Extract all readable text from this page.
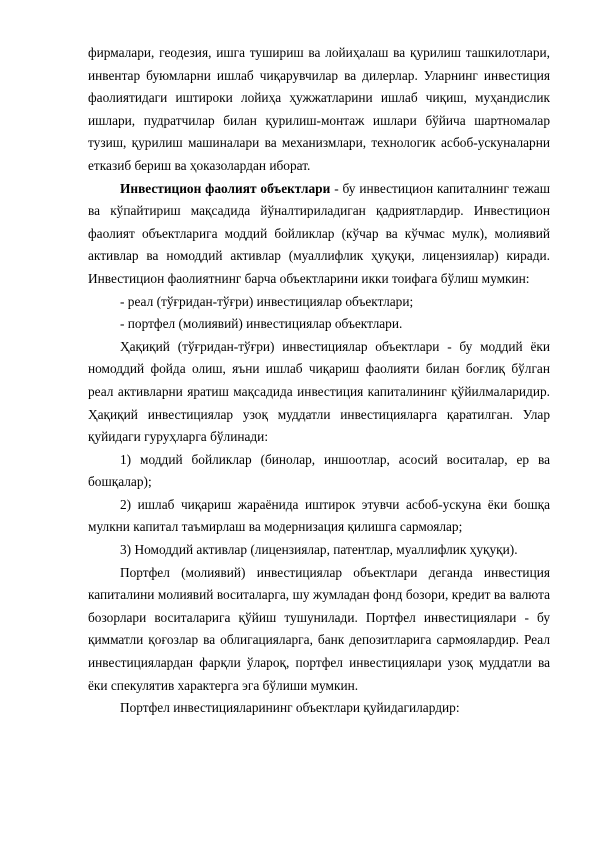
фирмалари, геодезия, ишга тушириш ва лойиҳалаш ва қурилиш ташкилотлари, инвентар буюмларни ишлаб чиқарувчилар ва дилерлар. Уларнинг инвестиция фаолиятидаги иштироки лойиҳа ҳужжатларини ишлаб чиқиш, муҳандислик ишлари, пудратчилар билан қурилиш-монтаж ишлари бўйича шартномалар тузиш, қурилиш машиналари ва механизмлари, технологик асбоб-ускуналарни етказиб бериш ва ҳоказолардан иборат.

Инвестицион фаолият объектлари - бу инвестицион капиталнинг тежаш ва кўпайтириш мақсадида йўналтириладиган қадриятлардир. Инвестицион фаолият объектларига моддий бойликлар (кўчар ва кўчмас мулк), молиявий активлар ва номоддий активлар (муаллифлик ҳуқуқи, лицензиялар) киради. Инвестицион фаолиятнинг барча объектларини икки тоифага бўлиш мумкин:

- реал (тўғридан-тўғри) инвестициялар объектлари;

- портфел (молиявий) инвестициялар объектлари.

Ҳақиқий (тўғридан-тўғри) инвестициялар объектлари - бу моддий ёки номоддий фойда олиш, яъни ишлаб чиқариш фаолияти билан боғлиқ бўлган реал активларни яратиш мақсадида инвестиция капиталининг қўйилмаларидир. Ҳақиқий инвестициялар узоқ муддатли инвестицияларга қаратилган. Улар қуйидаги гуруҳларга бўлинади:

1) моддий бойликлар (бинолар, иншоотлар, асосий воситалар, ер ва бошқалар);

2) ишлаб чиқариш жараёнида иштирок этувчи асбоб-ускуна ёки бошқа мулкни капитал таъмирлаш ва модернизация қилишга сармоялар;

3) Номоддий активлар (лицензиялар, патентлар, муаллифлик ҳуқуқи).

Портфел (молиявий) инвестициялар объектлари деганда инвестиция капиталини молиявий воситаларга, шу жумладан фонд бозори, кредит ва валюта бозорлари воситаларига қўйиш тушунилади. Портфел инвестициялари - бу қимматли қоғозлар ва облигацияларга, банк депозитларига сармоялардир. Реал инвестициялардан фарқли ўлароқ, портфел инвестициялари узоқ муддатли ва ёки спекулятив характерга эга бўлиши мумкин.

Портфел инвестицияларининг объектлари қуйидагилардир:
